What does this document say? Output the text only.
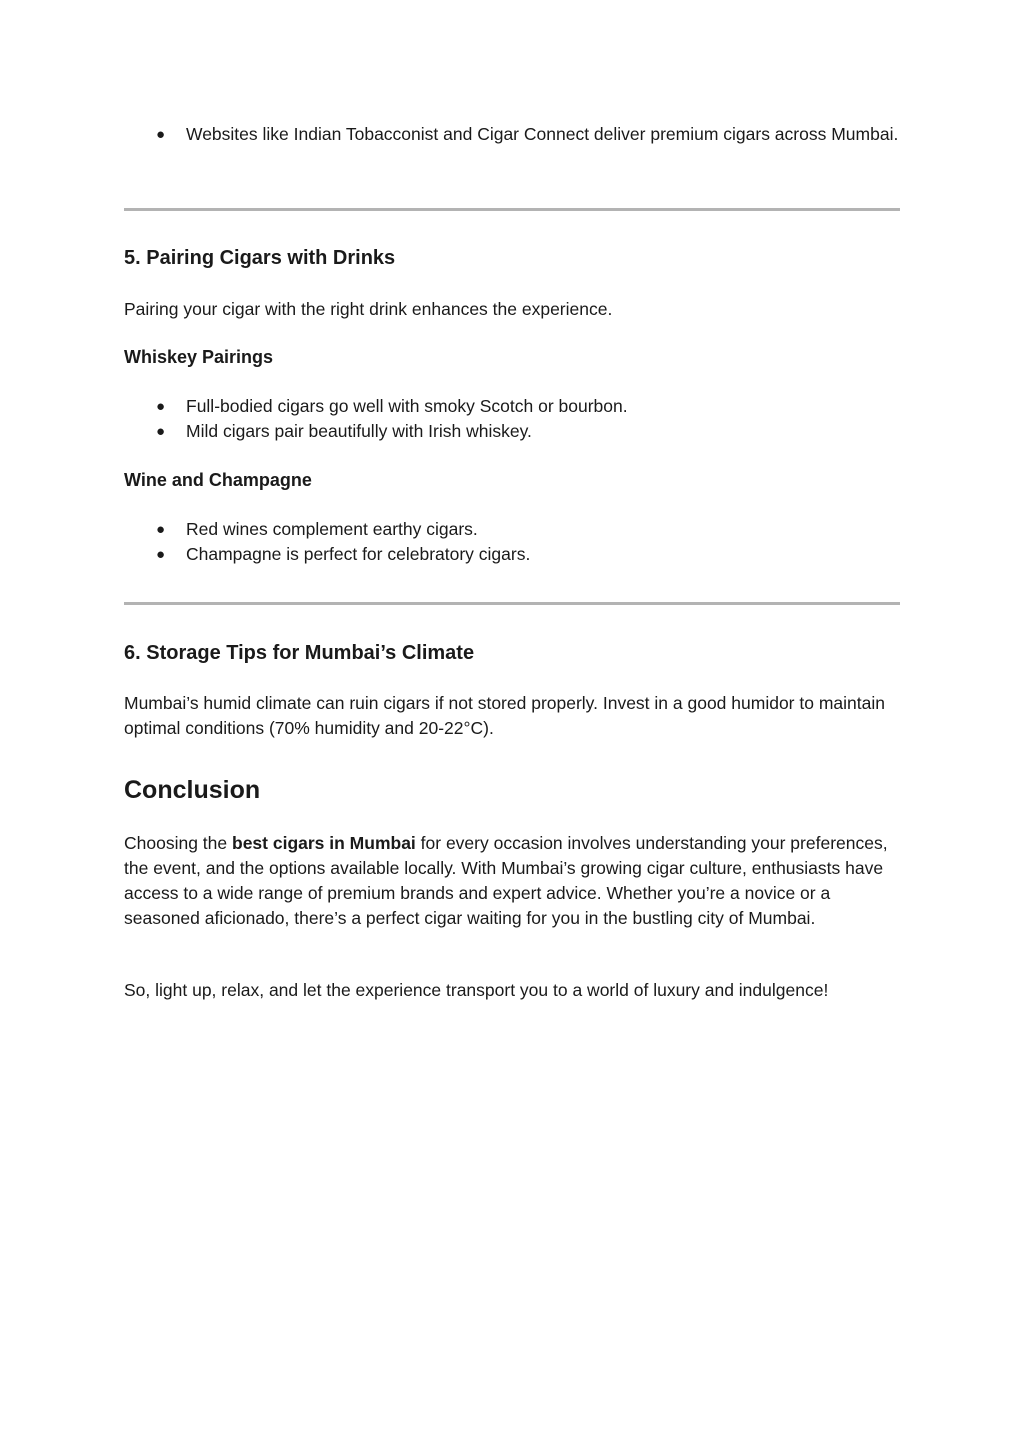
● Websites like Indian Tobacconist and Cigar Connect deliver premium cigars across Mumbai.
5. Pairing Cigars with Drinks

Pairing your cigar with the right drink enhances the experience.

Whiskey Pairings
● Full-bodied cigars go well with smoky Scotch or bourbon.
● Mild cigars pair beautifully with Irish whiskey.
Wine and Champagne
● Red wines complement earthy cigars.
● Champagne is perfect for celebratory cigars.
6. Storage Tips for Mumbai’s Climate

Mumbai’s humid climate can ruin cigars if not stored properly. Invest in a good humidor to maintain optimal conditions (70% humidity and 20-22°C).

Conclusion

Choosing the best cigars in Mumbai for every occasion involves understanding your preferences, the event, and the options available locally. With Mumbai’s growing cigar culture, enthusiasts have access to a wide range of premium brands and expert advice. Whether you’re a novice or a seasoned aficionado, there’s a perfect cigar waiting for you in the bustling city of Mumbai.

So, light up, relax, and let the experience transport you to a world of luxury and indulgence!
